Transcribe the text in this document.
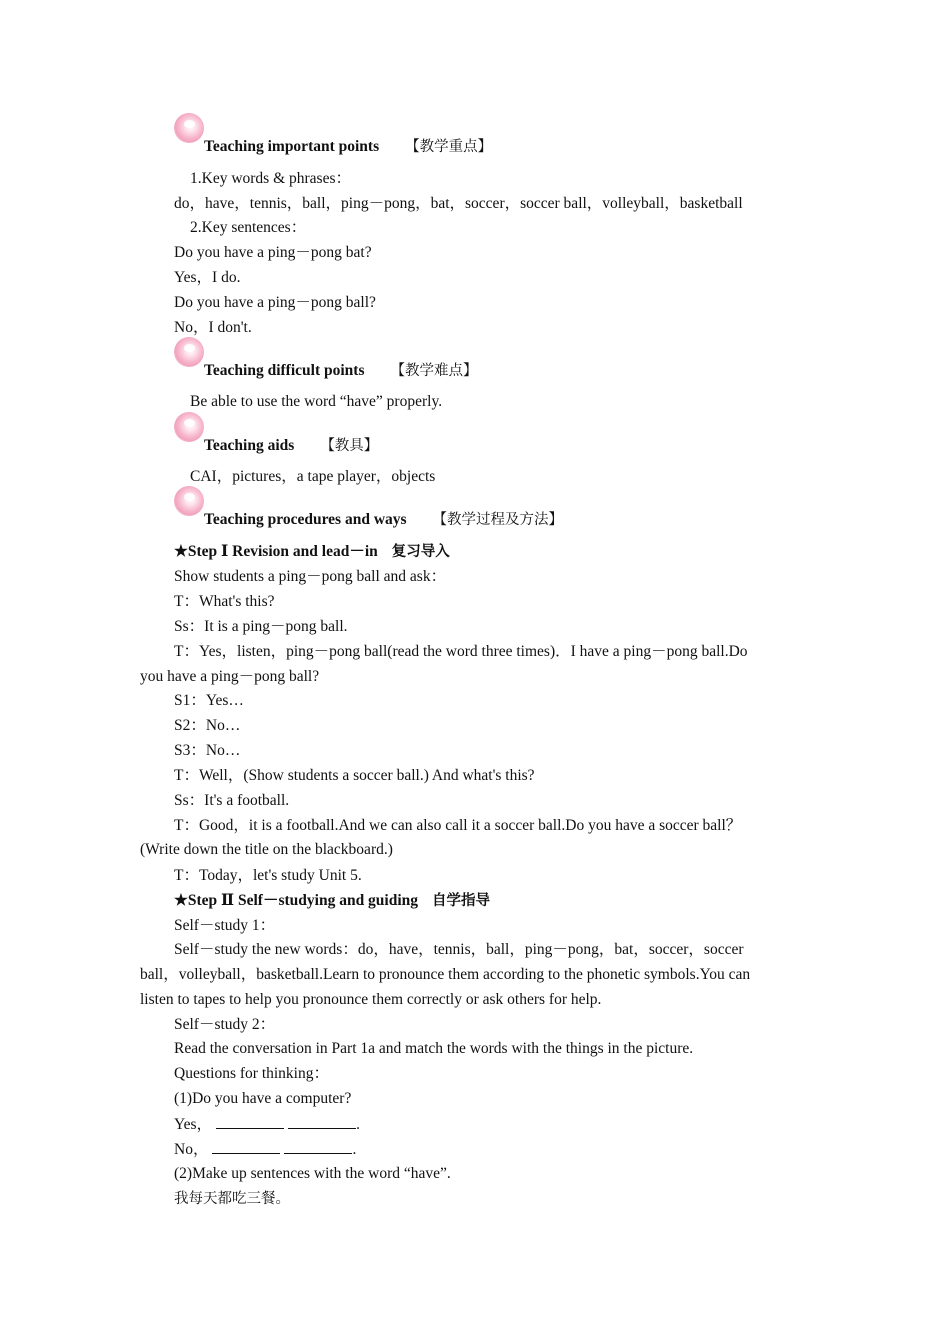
Teaching important points 【教学重点】
1.Key words & phrases：
do，have，tennis，ball，ping－pong，bat，soccer，soccer ball，volleyball，basketball
2.Key sentences：
Do you have a ping－pong bat?
Yes，I do.
Do you have a ping－pong ball?
No，I don't.
Teaching difficult points 【教学难点】
Be able to use the word “have” properly.
Teaching aids 【教具】
CAI，pictures，a tape player，objects
Teaching procedures and ways 【教学过程及方法】
★Step Ⅰ Revision and lead－in 复习导入
Show students a ping－pong ball and ask：
T：What's this?
Ss：It is a ping－pong ball.
T：Yes，listen，ping－pong ball(read the word three times)．I have a ping－pong ball.Do
you have a ping－pong ball?
S1：Yes…
S2：No…
S3：No…
T：Well，(Show students a soccer ball.) And what's this?
Ss：It's a football.
T：Good，it is a football.And we can also call it a soccer ball.Do you have a soccer ball？
(Write down the title on the blackboard.)
T：Today，let's study Unit 5.
★Step Ⅱ Self－studying and guiding 自学指导
Self－study 1：
Self－study the new words：do，have，tennis，ball，ping－pong，bat，soccer，soccer
ball，volleyball，basketball.Learn to pronounce them according to the phonetic symbols.You can
listen to tapes to help you pronounce them correctly or ask others for help.
Self－study 2：
Read the conversation in Part 1a and match the words with the things in the picture.
Questions for thinking：
(1)Do you have a computer?
Yes，	.
No，	.
(2)Make up sentences with the word “have”.
我每天都吃三餐。
